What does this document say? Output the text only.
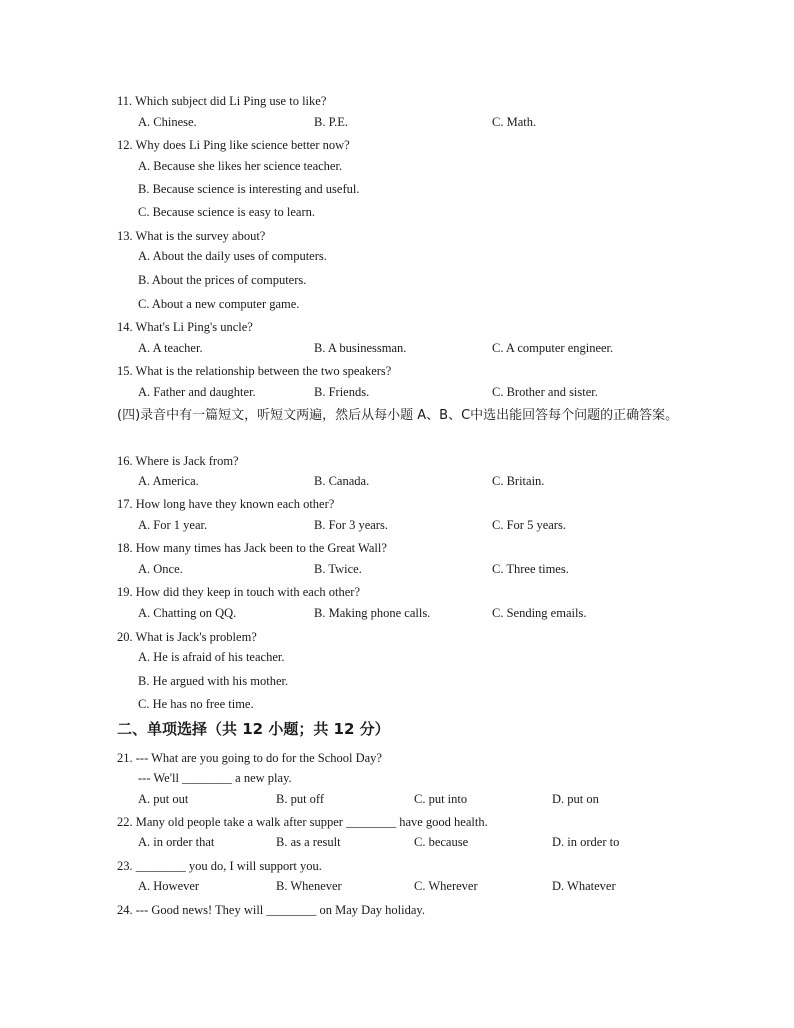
11. Which subject did Li Ping use to like?
A. Chinese.	B. P.E.	C. Math.
12. Why does Li Ping like science better now?
A. Because she likes her science teacher.
B. Because science is interesting and useful.
C. Because science is easy to learn.
13. What is the survey about?
A. About the daily uses of computers.
B. About the prices of computers.
C. About a new computer game.
14. What's Li Ping's uncle?
A. A teacher.	B. A businessman.	C. A computer engineer.
15. What is the relationship between the two speakers?
A. Father and daughter.	B. Friends.	C. Brother and sister.
(四)录音中有一篇短文，听短文两遍，然后从每小题 A、B、C中选出能回答每个问题的正确答案。
16. Where is Jack from?
A. America.	B. Canada.	C. Britain.
17. How long have they known each other?
A. For 1 year.	B. For 3 years.	C. For 5 years.
18. How many times has Jack been to the Great Wall?
A. Once.	B. Twice.	C. Three times.
19. How did they keep in touch with each other?
A. Chatting on QQ.	B. Making phone calls.	C. Sending emails.
20. What is Jack's problem?
A. He is afraid of his teacher.
B. He argued with his mother.
C. He has no free time.
二、单项选择（共 12 小题；共 12 分）
21. --- What are you going to do for the School Day?
--- We'll ________ a new play.
A. put out	B. put off	C. put into	D. put on
22. Many old people take a walk after supper ________ have good health.
A. in order that	B. as a result	C. because	D. in order to
23. ________ you do, I will support you.
A. However	B. Whenever	C. Wherever	D. Whatever
24. --- Good news! They will ________ on May Day holiday.
